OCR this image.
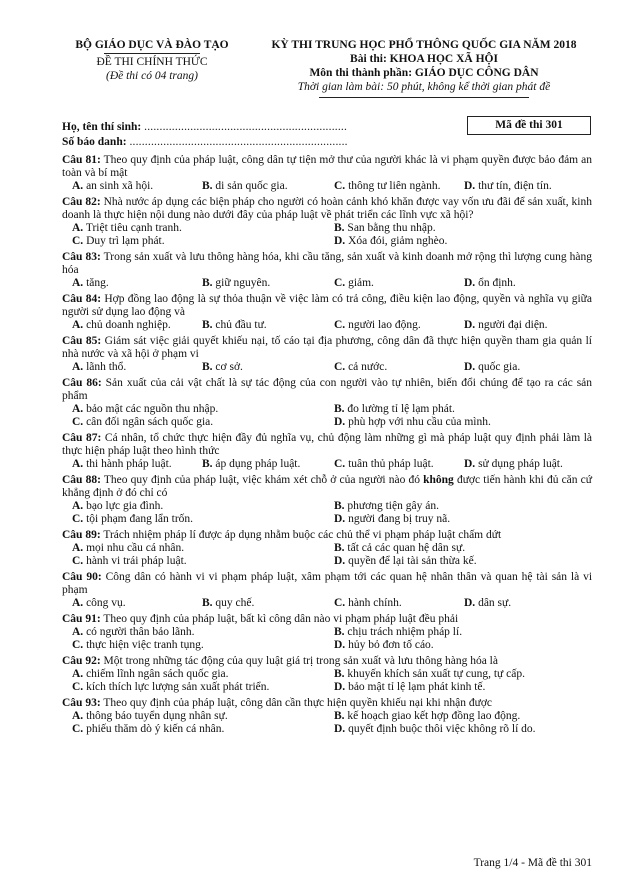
BỘ GIÁO DỤC VÀ ĐÀO TẠO
ĐỀ THI CHÍNH THỨC
(Đề thi có 04 trang)
KỲ THI TRUNG HỌC PHỔ THÔNG QUỐC GIA NĂM 2018
Bài thi: KHOA HỌC XÃ HỘI
Môn thi thành phần: GIÁO DỤC CÔNG DÂN
Thời gian làm bài: 50 phút, không kể thời gian phát đề
Họ, tên thí sinh: ..................................................................
Số báo danh: .......................................................................
Mã đề thi 301
Câu 81: Theo quy định của pháp luật, công dân tự tiện mở thư của người khác là vi phạm quyền được bảo đảm an toàn và bí mật
A. an sinh xã hội.	B. di sản quốc gia.	C. thông tư liên ngành. D. thư tín, điện tín.
Câu 82: Nhà nước áp dụng các biện pháp cho người có hoàn cảnh khó khăn được vay vốn ưu đãi để sản xuất, kinh doanh là thực hiện nội dung nào dưới đây của pháp luật về phát triển các lĩnh vực xã hội?
A. Triệt tiêu cạnh tranh.	B. San bằng thu nhập.
C. Duy trì lạm phát.	D. Xóa đói, giảm nghèo.
Câu 83: Trong sản xuất và lưu thông hàng hóa, khi cầu tăng, sản xuất và kinh doanh mở rộng thì lượng cung hàng hóa
A. tăng.	B. giữ nguyên.	C. giảm.	D. ổn định.
Câu 84: Hợp đồng lao động là sự thỏa thuận về việc làm có trả công, điều kiện lao động, quyền và nghĩa vụ giữa người sử dụng lao động và
A. chủ doanh nghiệp.	B. chủ đầu tư.	C. người lao động.	D. người đại diện.
Câu 85: Giám sát việc giải quyết khiếu nại, tố cáo tại địa phương, công dân đã thực hiện quyền tham gia quản lí nhà nước và xã hội ở phạm vi
A. lãnh thổ.	B. cơ sở.	C. cả nước.	D. quốc gia.
Câu 86: Sản xuất của cải vật chất là sự tác động của con người vào tự nhiên, biến đổi chúng để tạo ra các sản phẩm
A. bảo mật các nguồn thu nhập.	B. đo lường tỉ lệ lạm phát.
C. cân đối ngân sách quốc gia.	D. phù hợp với nhu cầu của mình.
Câu 87: Cá nhân, tổ chức thực hiện đầy đủ nghĩa vụ, chủ động làm những gì mà pháp luật quy định phải làm là thực hiện pháp luật theo hình thức
A. thi hành pháp luật.	B. áp dụng pháp luật.	C. tuân thủ pháp luật.	D. sử dụng pháp luật.
Câu 88: Theo quy định của pháp luật, việc khám xét chỗ ở của người nào đó không được tiến hành khi đủ căn cứ khẳng định ở đó chỉ có
A. bạo lực gia đình.	B. phương tiện gây án.
C. tội phạm đang lẩn trốn.	D. người đang bị truy nã.
Câu 89: Trách nhiệm pháp lí được áp dụng nhằm buộc các chủ thể vi phạm pháp luật chấm dứt
A. mọi nhu cầu cá nhân.	B. tất cả các quan hệ dân sự.
C. hành vi trái pháp luật.	D. quyền để lại tài sản thừa kế.
Câu 90: Công dân có hành vi vi phạm pháp luật, xâm phạm tới các quan hệ nhân thân và quan hệ tài sản là vi phạm
A. công vụ.	B. quy chế.	C. hành chính.	D. dân sự.
Câu 91: Theo quy định của pháp luật, bất kì công dân nào vi phạm pháp luật đều phải
A. có người thân bảo lãnh.	B. chịu trách nhiệm pháp lí.
C. thực hiện việc tranh tụng.	D. hủy bỏ đơn tố cáo.
Câu 92: Một trong những tác động của quy luật giá trị trong sản xuất và lưu thông hàng hóa là
A. chiếm lĩnh ngân sách quốc gia.	B. khuyến khích sản xuất tự cung, tự cấp.
C. kích thích lực lượng sản xuất phát triển.	D. bảo mật tỉ lệ lạm phát kinh tế.
Câu 93: Theo quy định của pháp luật, công dân cần thực hiện quyền khiếu nại khi nhận được
A. thông báo tuyển dụng nhân sự.	B. kế hoạch giao kết hợp đồng lao động.
C. phiếu thăm dò ý kiến cá nhân.	D. quyết định buộc thôi việc không rõ lí do.
Trang 1/4 - Mã đề thi 301
